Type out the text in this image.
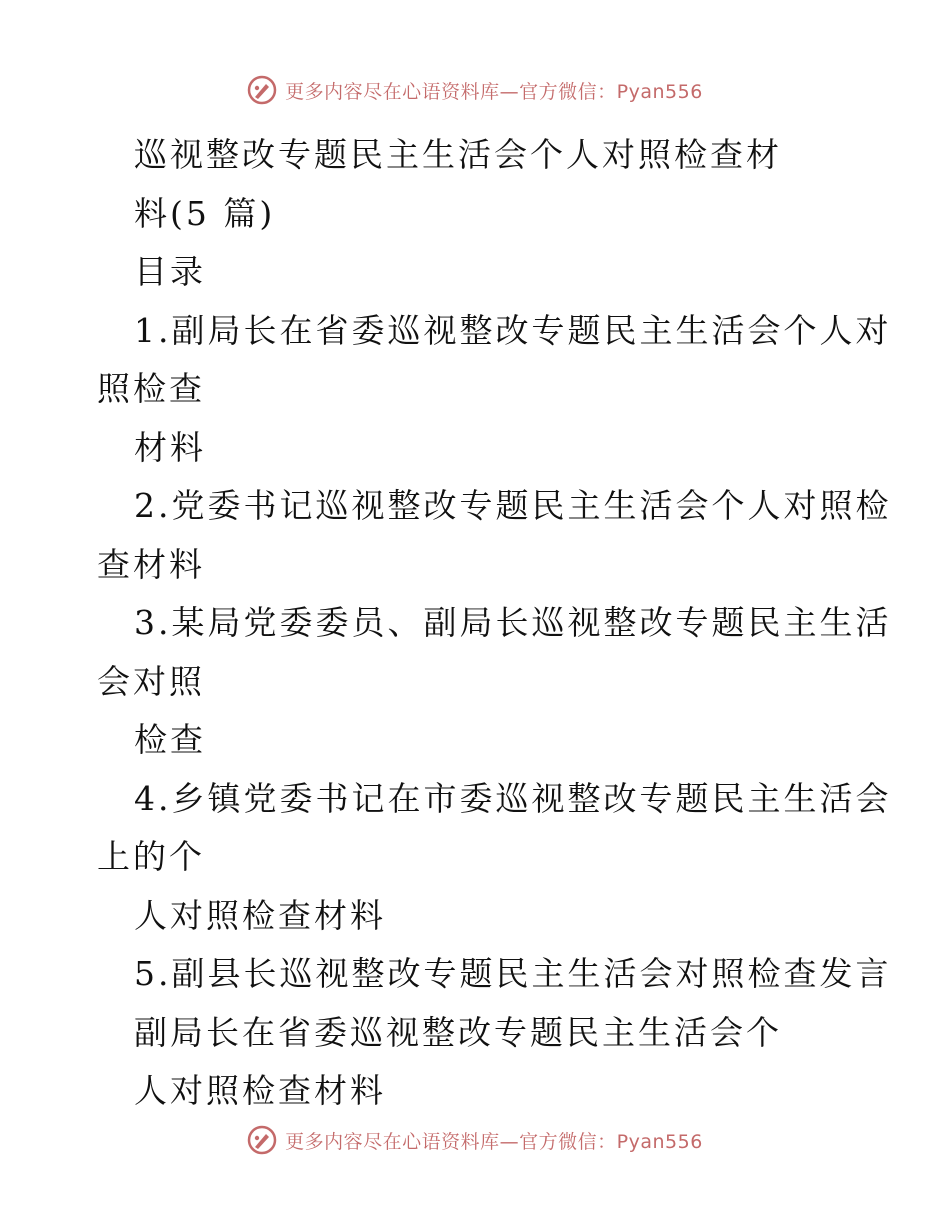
更多内容尽在心语资料库—官方微信：Pyan556
巡视整改专题民主生活会个人对照检查材
料(5 篇)
目录
1.副局长在省委巡视整改专题民主生活会个人对
照检查
材料
2.党委书记巡视整改专题民主生活会个人对照检
查材料
3.某局党委委员、副局长巡视整改专题民主生活
会对照
检查
4.乡镇党委书记在市委巡视整改专题民主生活会
上的个
人对照检查材料
5.副县长巡视整改专题民主生活会对照检查发言
副局长在省委巡视整改专题民主生活会个
人对照检查材料
更多内容尽在心语资料库—官方微信：Pyan556
